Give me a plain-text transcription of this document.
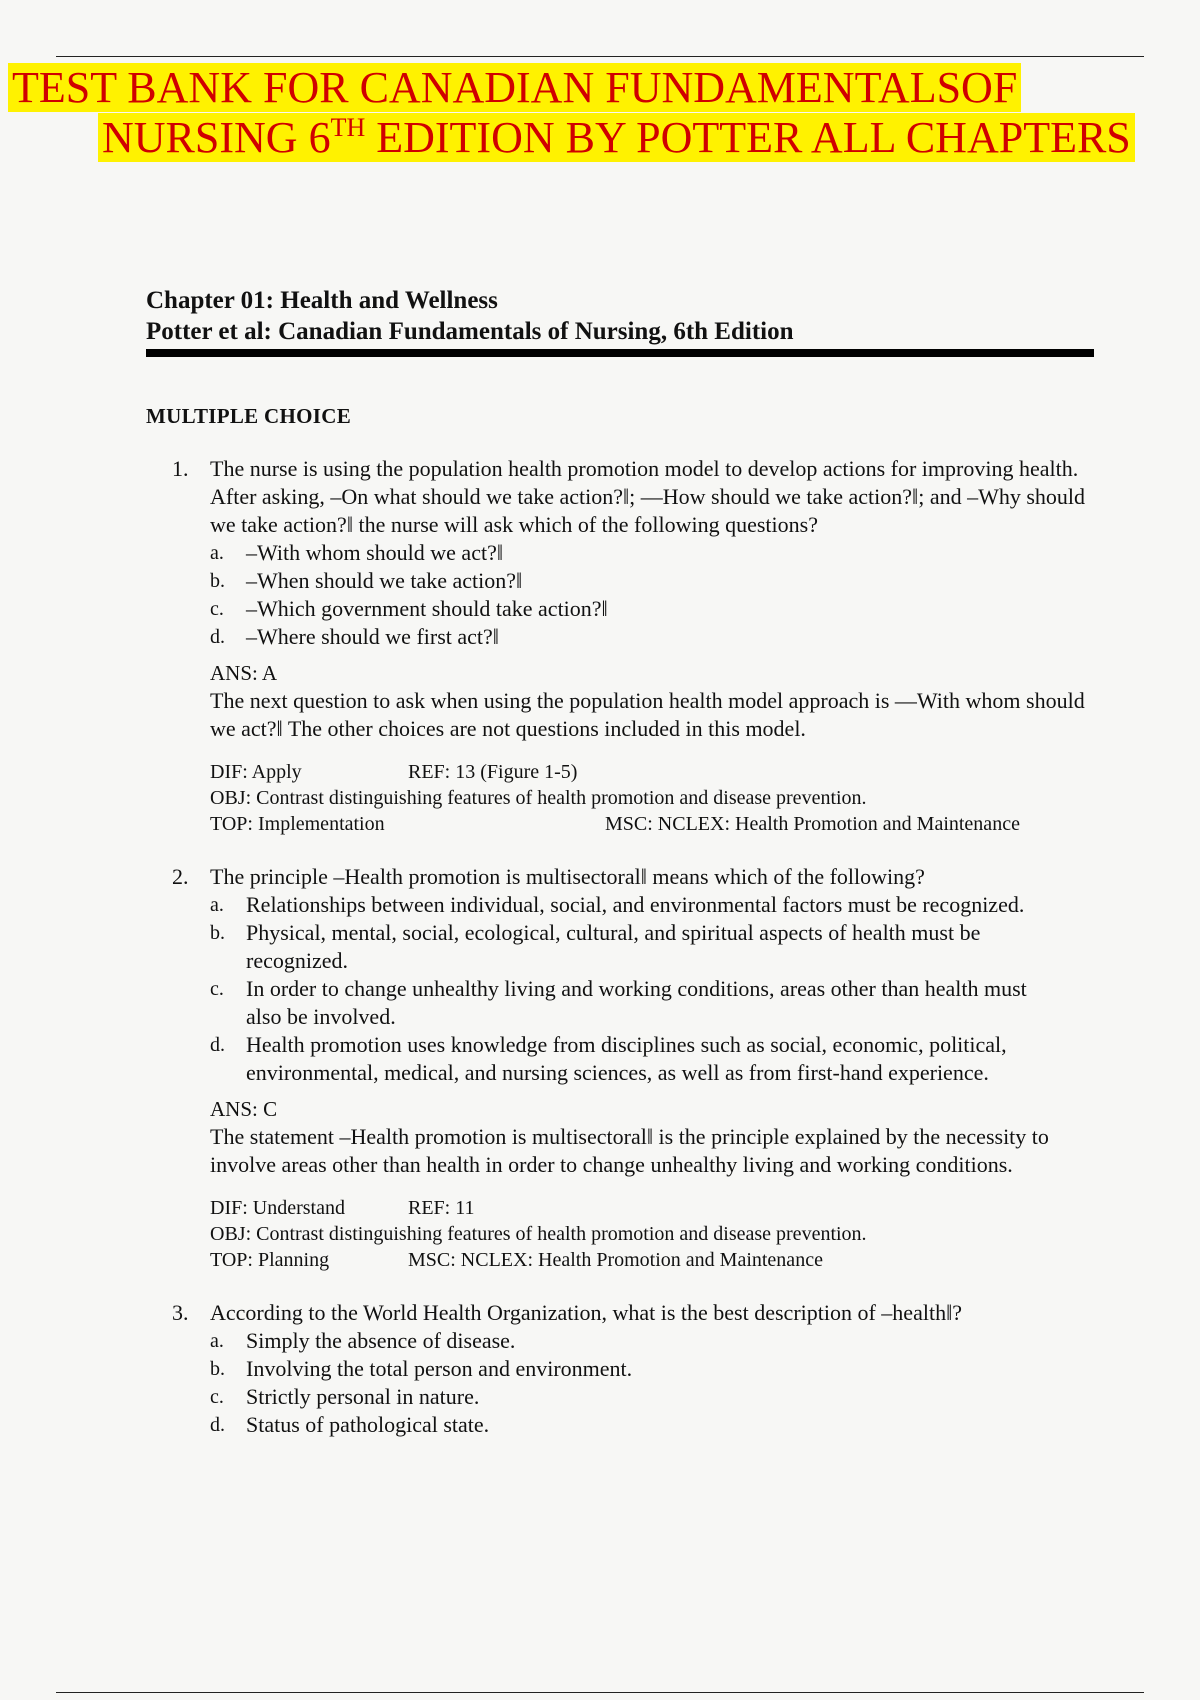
TEST BANK FOR CANADIAN FUNDAMENTALSOF
NURSING 6TH EDITION BY POTTER ALL CHAPTERS
Chapter 01: Health and Wellness
Potter et al: Canadian Fundamentals of Nursing, 6th Edition
MULTIPLE CHOICE
1. The nurse is using the population health promotion model to develop actions for improving health. After asking, –On what should we take action?‖; ―How should we take action?‖; and –Why should we take action?‖ the nurse will ask which of the following questions?
a.	–With whom should we act?‖
b. –When should we take action?‖
c.	–Which government should take action?‖
d. –Where should we first act?‖
ANS: A
The next question to ask when using the population health model approach is ―With whom should we act?‖ The other choices are not questions included in this model.
DIF: Apply	REF: 13 (Figure 1-5)
OBJ: Contrast distinguishing features of health promotion and disease prevention.
TOP: Implementation	MSC: NCLEX: Health Promotion and Maintenance
2. The principle –Health promotion is multisectoral‖ means which of the following?
a.	Relationships between individual, social, and environmental factors must be recognized.
b. Physical, mental, social, ecological, cultural, and spiritual aspects of health must be recognized.
c.	In order to change unhealthy living and working conditions, areas other than health must also be involved.
d. Health promotion uses knowledge from disciplines such as social, economic, political, environmental, medical, and nursing sciences, as well as from first-hand experience.
ANS: C
The statement –Health promotion is multisectoral‖ is the principle explained by the necessity to involve areas other than health in order to change unhealthy living and working conditions.
DIF: Understand	REF: 11
OBJ: Contrast distinguishing features of health promotion and disease prevention.
TOP: Planning	MSC: NCLEX: Health Promotion and Maintenance
3. According to the World Health Organization, what is the best description of –health‖?
a.	Simply the absence of disease.
b. Involving the total person and environment.
c.	Strictly personal in nature.
d. Status of pathological state.
